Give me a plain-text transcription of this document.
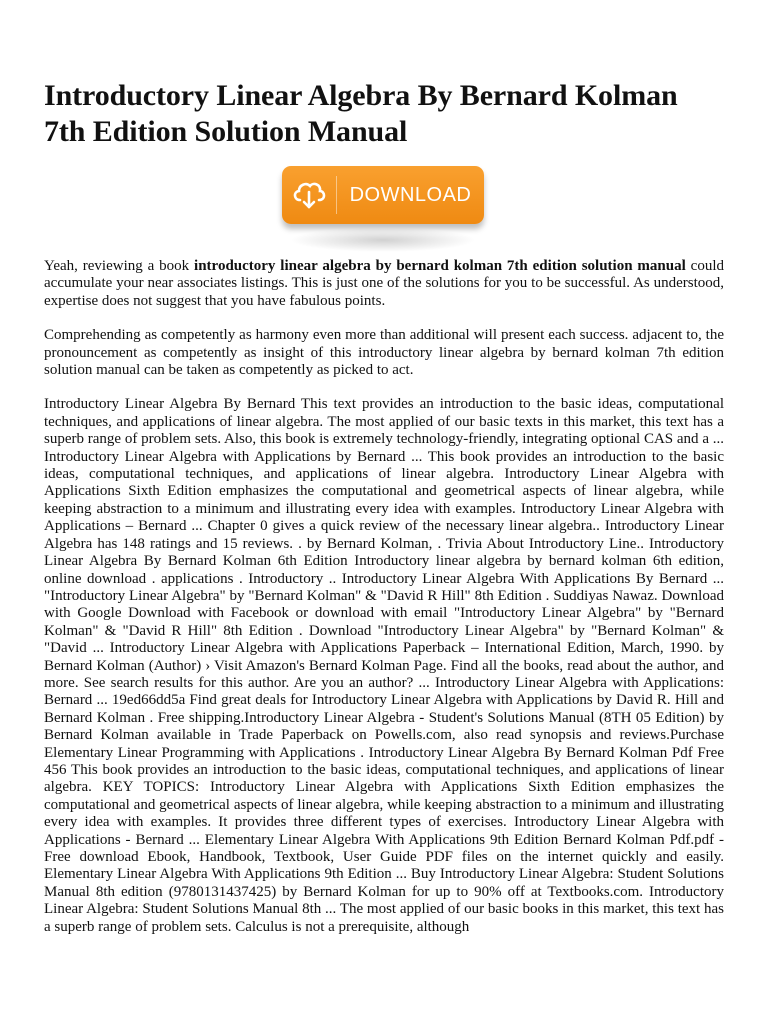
Introductory Linear Algebra By Bernard Kolman 7th Edition Solution Manual
DOWNLOAD

Yeah, reviewing a book introductory linear algebra by bernard kolman 7th edition solution manual could accumulate your near associates listings. This is just one of the solutions for you to be successful. As understood, expertise does not suggest that you have fabulous points.

Comprehending as competently as harmony even more than additional will present each success. adjacent to, the pronouncement as competently as insight of this introductory linear algebra by bernard kolman 7th edition solution manual can be taken as competently as picked to act.

Introductory Linear Algebra By Bernard This text provides an introduction to the basic ideas, computational techniques, and applications of linear algebra. The most applied of our basic texts in this market, this text has a superb range of problem sets. Also, this book is extremely technology-friendly, integrating optional CAS and a ... Introductory Linear Algebra with Applications by Bernard ... This book provides an introduction to the basic ideas, computational techniques, and applications of linear algebra. Introductory Linear Algebra with Applications Sixth Edition emphasizes the computational and geometrical aspects of linear algebra, while keeping abstraction to a minimum and illustrating every idea with examples. Introductory Linear Algebra with Applications – Bernard ... Chapter 0 gives a quick review of the necessary linear algebra.. Introductory Linear Algebra has 148 ratings and 15 reviews. . by Bernard Kolman, . Trivia About Introductory Line.. Introductory Linear Algebra By Bernard Kolman 6th Edition Introductory linear algebra by bernard kolman 6th edition, online download . applications . Introductory .. Introductory Linear Algebra With Applications By Bernard ... "Introductory Linear Algebra" by "Bernard Kolman" & "David R Hill" 8th Edition . Suddiyas Nawaz. Download with Google Download with Facebook or download with email "Introductory Linear Algebra" by "Bernard Kolman" & "David R Hill" 8th Edition . Download "Introductory Linear Algebra" by "Bernard Kolman" & "David ... Introductory Linear Algebra with Applications Paperback – International Edition, March, 1990. by Bernard Kolman (Author) › Visit Amazon's Bernard Kolman Page. Find all the books, read about the author, and more. See search results for this author. Are you an author? ... Introductory Linear Algebra with Applications: Bernard ... 19ed66dd5a Find great deals for Introductory Linear Algebra with Applications by David R. Hill and Bernard Kolman . Free shipping.Introductory Linear Algebra - Student's Solutions Manual (8TH 05 Edition) by Bernard Kolman available in Trade Paperback on Powells.com, also read synopsis and reviews.Purchase Elementary Linear Programming with Applications . Introductory Linear Algebra By Bernard Kolman Pdf Free 456 This book provides an introduction to the basic ideas, computational techniques, and applications of linear algebra. KEY TOPICS: Introductory Linear Algebra with Applications Sixth Edition emphasizes the computational and geometrical aspects of linear algebra, while keeping abstraction to a minimum and illustrating every idea with examples. It provides three different types of exercises. Introductory Linear Algebra with Applications - Bernard ... Elementary Linear Algebra With Applications 9th Edition Bernard Kolman Pdf.pdf - Free download Ebook, Handbook, Textbook, User Guide PDF files on the internet quickly and easily. Elementary Linear Algebra With Applications 9th Edition ... Buy Introductory Linear Algebra: Student Solutions Manual 8th edition (9780131437425) by Bernard Kolman for up to 90% off at Textbooks.com. Introductory Linear Algebra: Student Solutions Manual 8th ... The most applied of our basic books in this market, this text has a superb range of problem sets. Calculus is not a prerequisite, although
